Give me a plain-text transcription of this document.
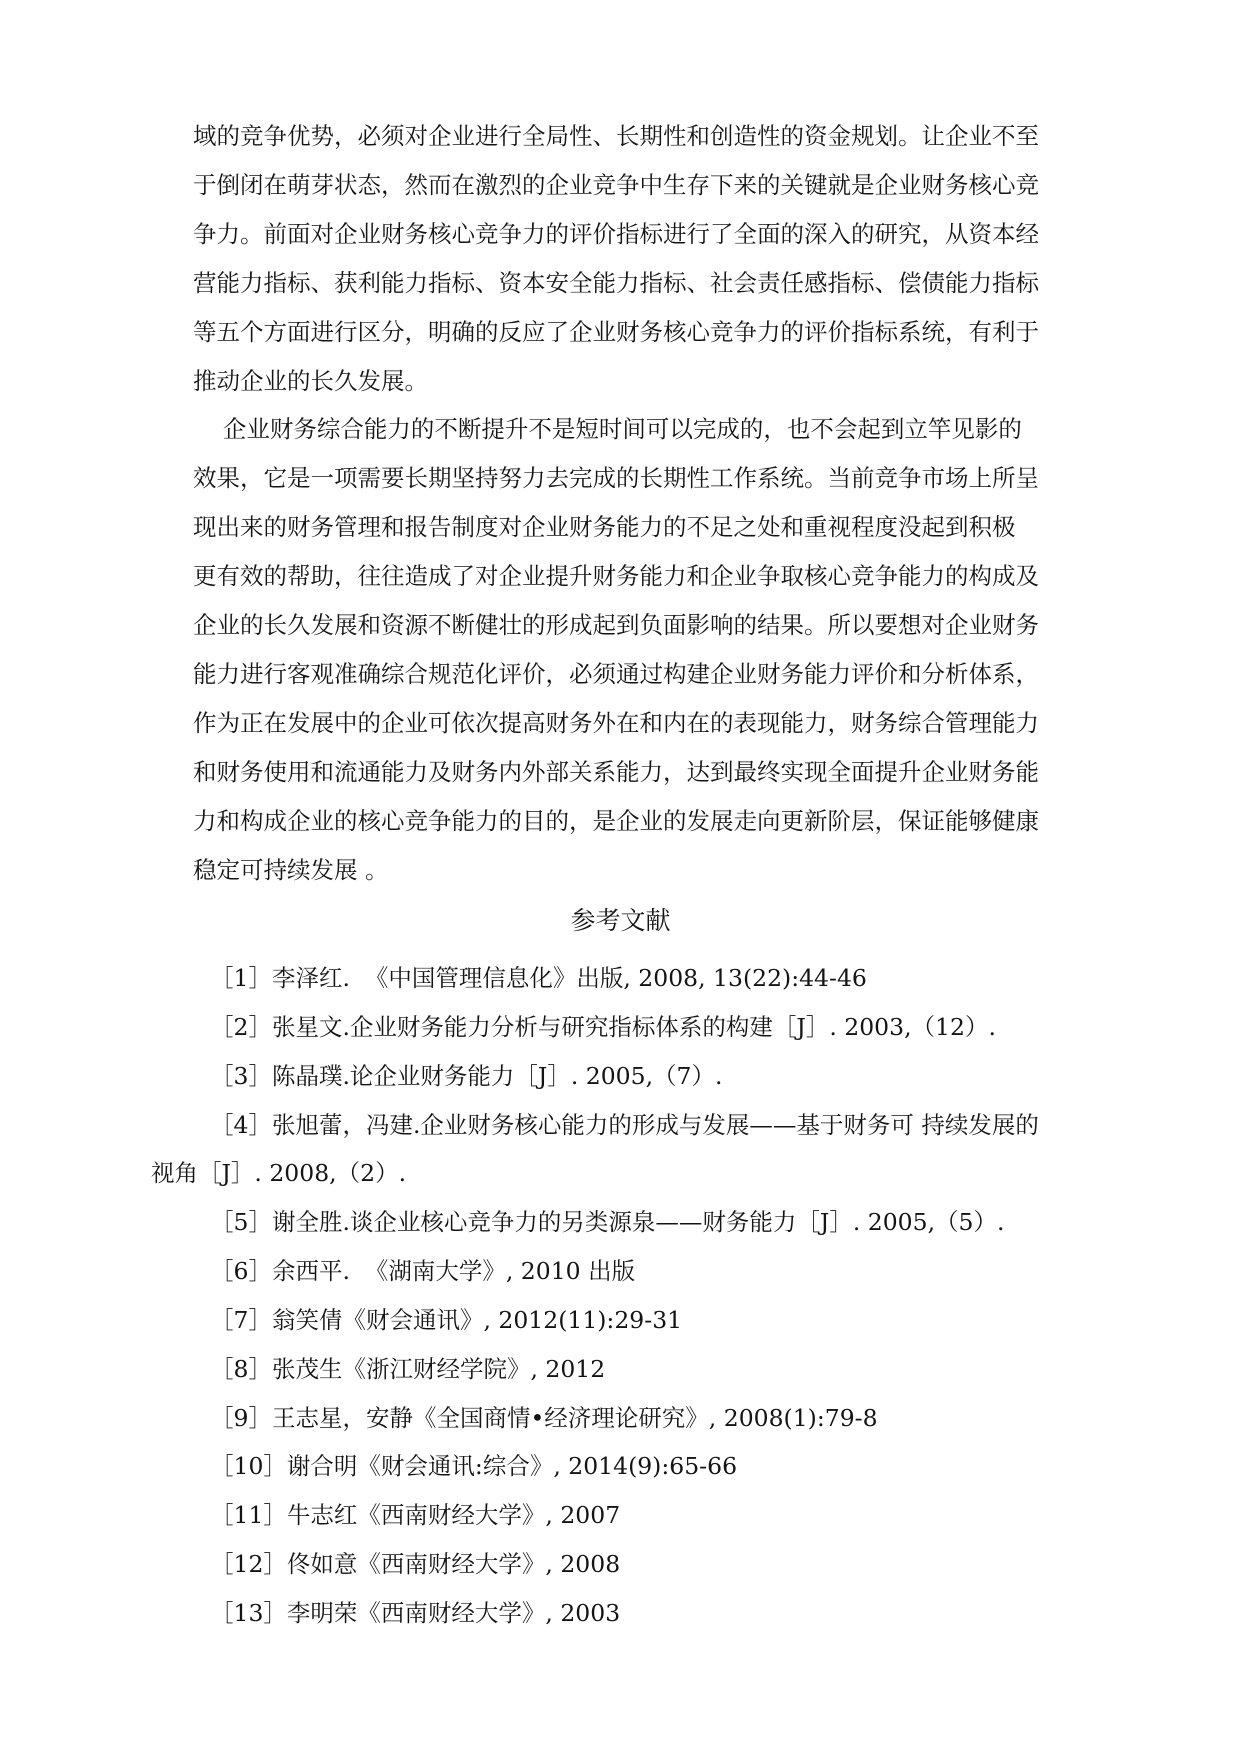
域的竞争优势，必须对企业进行全局性、长期性和创造性的资金规划。让企业不至
于倒闭在萌芽状态，然而在激烈的企业竞争中生存下来的关键就是企业财务核心竞
争力。前面对企业财务核心竞争力的评价指标进行了全面的深入的研究，从资本经
营能力指标、获利能力指标、资本安全能力指标、社会责任感指标、偿债能力指标
等五个方面进行区分，明确的反应了企业财务核心竞争力的评价指标系统，有利于
推动企业的长久发展。
企业财务综合能力的不断提升不是短时间可以完成的，也不会起到立竿见影的
效果，它是一项需要长期坚持努力去完成的长期性工作系统。当前竞争市场上所呈
现出来的财务管理和报告制度对企业财务能力的不足之处和重视程度没起到积极
更有效的帮助，往往造成了对企业提升财务能力和企业争取核心竞争能力的构成及
企业的长久发展和资源不断健壮的形成起到负面影响的结果。所以要想对企业财务
能力进行客观准确综合规范化评价，必须通过构建企业财务能力评价和分析体系，
作为正在发展中的企业可依次提高财务外在和内在的表现能力，财务综合管理能力
和财务使用和流通能力及财务内外部关系能力，达到最终实现全面提升企业财务能
力和构成企业的核心竞争能力的目的，是企业的发展走向更新阶层，保证能够健康
稳定可持续发展 。
参考文献
［1］李泽红.  《中国管理信息化》出版, 2008, 13(22):44-46
［2］张星文.企业财务能力分析与研究指标体系的构建［J］. 2003,（12）.
［3］陈晶璞.论企业财务能力［J］. 2005,（7）.
［4］张旭蕾，冯建.企业财务核心能力的形成与发展——基于财务可 持续发展的
视角［J］. 2008,（2）.
［5］谢全胜.谈企业核心竞争力的另类源泉——财务能力［J］. 2005,（5）.
［6］余西平.  《湖南大学》, 2010 出版
［7］翁笑倩《财会通讯》, 2012(11):29-31
［8］张茂生《浙江财经学院》, 2012
［9］王志星，安静《全国商情•经济理论研究》, 2008(1):79-8
［10］谢合明《财会通讯:综合》, 2014(9):65-66
［11］牛志红《西南财经大学》, 2007
［12］佟如意《西南财经大学》, 2008
［13］李明荣《西南财经大学》, 2003
